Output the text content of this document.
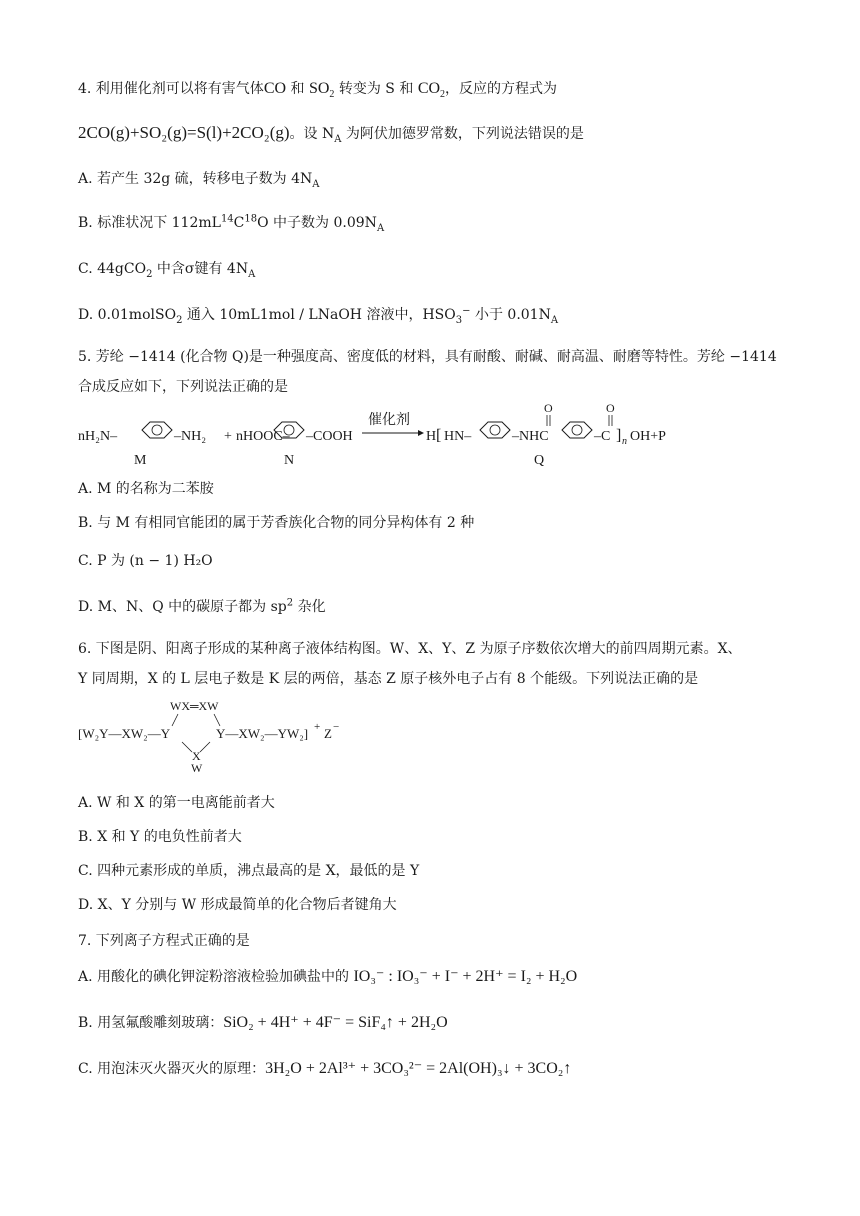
4. 利用催化剂可以将有害气体CO 和 $SO_2$ 转变为 S 和 $CO_2$，反应的方程式为
2CO(g)+SO₂(g)=S(l)+2CO₂(g)。设 $N_A$ 为阿伏加德罗常数，下列说法错误的是
A. 若产生 32g 硫，转移电子数为 $4N_A$
B. 标准状况下 $112mL^{14}C^{18}O$ 中子数为 $0.09N_A$
C. 44gCO$_2$ 中含σ键有 $4N_A$
D. 0.01molSO$_2$ 通入 10mL1mol / LNaOH 溶液中，$HSO_3^-$ 小于 $0.01N_A$
5. 芳纶 −1414 (化合物 Q)是一种强度高、密度低的材料，具有耐酸、耐碱、耐高温、耐磨等特性。芳纶 −1414
合成反应如下，下列说法正确的是
nH₂N–	–NH₂
M
+ nHOOC– –COOH
N
催化剂
H [ HN–	–NHC
O
–C
O
] n OH+P
Q
A. M 的名称为二苯胺
B. 与 M 有相同官能团的属于芳香族化合物的同分异构体有 2 种
C. P 为 (n − 1) H₂O
D. M、N、Q 中的碳原子都为 $sp^2$ 杂化
6. 下图是阴、阳离子形成的某种离子液体结构图。W、X、Y、Z 为原子序数依次增大的前四周期元素。X、
Y 同周期，X 的 L 层电子数是 K 层的两倍，基态 Z 原子核外电子占有 8 个能级。下列说法正确的是
WX═XW
[W₂Y—XW₂—Y	Y—XW₂—YW₂] + Z −
X
W
A. W 和 X 的第一电离能前者大
B. X 和 Y 的电负性前者大
C. 四种元素形成的单质，沸点最高的是 X，最低的是 Y
D. X、Y 分别与 W 形成最简单的化合物后者键角大
7. 下列离子方程式正确的是
A. 用酸化的碘化钾淀粉溶液检验加碘盐中的 IO₃⁻ : IO₃⁻ + I⁻ + 2H⁺ = I₂ + H₂O
B. 用氢氟酸雕刻玻璃：SiO₂ + 4H⁺ + 4F⁻ = SiF₄↑ + 2H₂O
C. 用泡沫灭火器灭火的原理：3H₂O + 2Al³⁺ + 3CO₃²⁻ = 2Al(OH)₃↓ + 3CO₂↑
